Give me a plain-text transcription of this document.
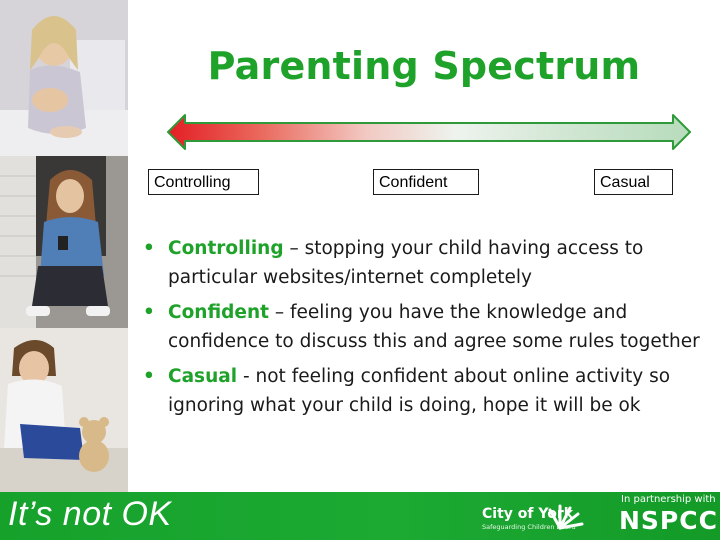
Parenting Spectrum
Controlling	Confident	Casual
• Controlling – stopping your child having access to particular websites/internet completely
• Confident – feeling you have the knowledge and confidence to discuss this and agree some rules together
• Casual - not feeling confident about online activity so ignoring what your child is doing, hope it will be ok
It’s not OK	City of York
Safeguarding Children Board
In partnership with
NSPCC
